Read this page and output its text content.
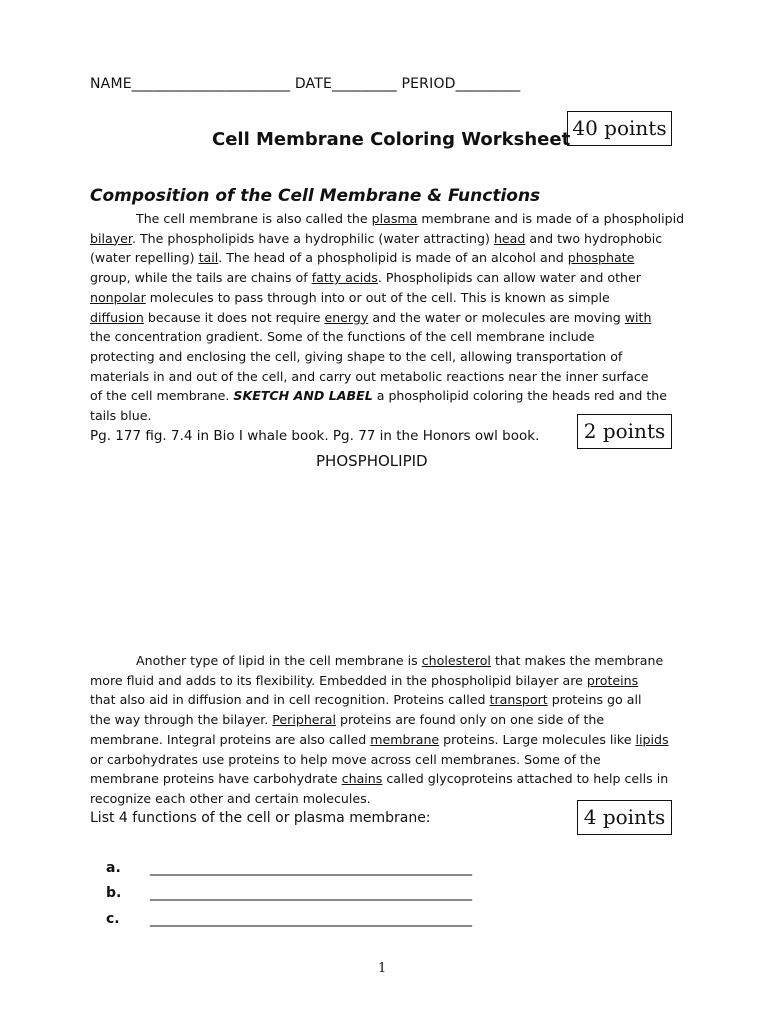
NAME______________________ DATE_________ PERIOD_________
Cell Membrane Coloring Worksheet 40 points
Composition of the Cell Membrane & Functions
The cell membrane is also called the plasma membrane and is made of a phospholipid
bilayer. The phospholipids have a hydrophilic (water attracting) head and two hydrophobic
(water repelling) tail. The head of a phospholipid is made of an alcohol and phosphate
group, while the tails are chains of fatty acids. Phospholipids can allow water and other
nonpolar molecules to pass through into or out of the cell. This is known as simple
diffusion because it does not require energy and the water or molecules are moving with
the concentration gradient. Some of the functions of the cell membrane include
protecting and enclosing the cell, giving shape to the cell, allowing transportation of
materials in and out of the cell, and carry out metabolic reactions near the inner surface
of the cell membrane. SKETCH AND LABEL a phospholipid coloring the heads red and the
tails blue.
Pg. 177 fig. 7.4 in Bio I whale book. Pg. 77 in the Honors owl book.	2 points
PHOSPHOLIPID
Another type of lipid in the cell membrane is cholesterol that makes the membrane
more fluid and adds to its flexibility. Embedded in the phospholipid bilayer are proteins
that also aid in diffusion and in cell recognition. Proteins called transport proteins go all
the way through the bilayer. Peripheral proteins are found only on one side of the
membrane. Integral proteins are also called membrane proteins. Large molecules like lipids
or carbohydrates use proteins to help move across cell membranes. Some of the
membrane proteins have carbohydrate chains called glycoproteins attached to help cells in
recognize each other and certain molecules.
List 4 functions of the cell or plasma membrane:	4 points
a. ______________________________________________
b. ______________________________________________
c. ______________________________________________
1
